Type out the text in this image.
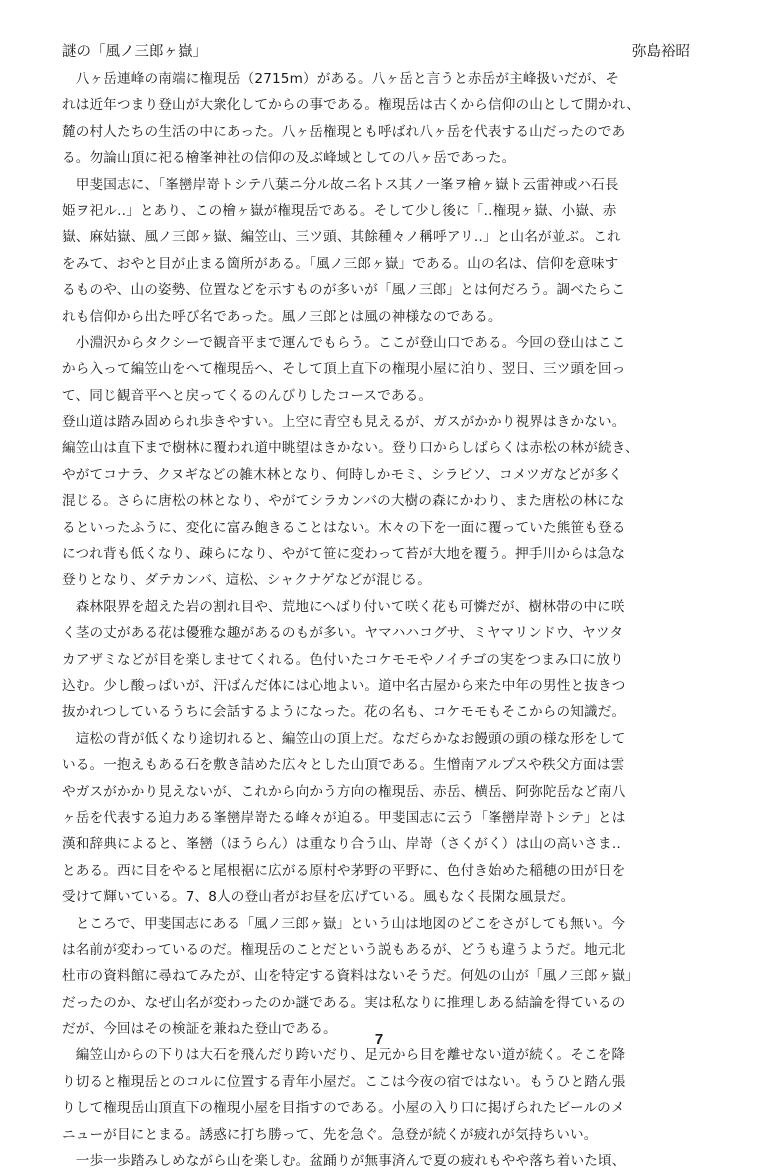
謎の「風ノ三郎ヶ嶽」	弥島裕昭
　八ヶ岳連峰の南端に権現岳（2715m）がある。八ヶ岳と言うと赤岳が主峰扱いだが、そ
れは近年つまり登山が大衆化してからの事である。権現岳は古くから信仰の山として開かれ、
麓の村人たちの生活の中にあった。八ヶ岳権現とも呼ばれ八ヶ岳を代表する山だったのであ
る。勿論山頂に祀る檜峯神社の信仰の及ぶ峰域としての八ヶ岳であった。
　甲斐国志に、「峯巒岸嵜トシテ八葉ニ分ル故ニ名トス其ノ一峯ヲ檜ヶ嶽ト云雷神或ハ石長
姫ヲ祀ル‥」とあり、この檜ヶ嶽が権現岳である。そして少し後に「‥権現ヶ嶽、小嶽、赤
嶽、麻姑嶽、風ノ三郎ヶ嶽、編笠山、三ツ頭、其餘種々ノ稱呼アリ‥」と山名が並ぶ。これ
をみて、おやと目が止まる箇所がある。「風ノ三郎ヶ嶽」である。山の名は、信仰を意味す
るものや、山の姿勢、位置などを示すものが多いが「風ノ三郎」とは何だろう。調べたらこ
れも信仰から出た呼び名であった。風ノ三郎とは風の神様なのである。
　小淵沢からタクシーで観音平まで運んでもらう。ここが登山口である。今回の登山はここ
から入って編笠山をへて権現岳へ、そして頂上直下の権現小屋に泊り、翌日、三ツ頭を回っ
て、同じ観音平へと戻ってくるのんびりしたコースである。
登山道は踏み固められ歩きやすい。上空に青空も見えるが、ガスがかかり視界はきかない。
編笠山は直下まで樹林に覆われ道中眺望はきかない。登り口からしばらくは赤松の林が続き、
やがてコナラ、クヌギなどの雑木林となり、何時しかモミ、シラビソ、コメツガなどが多く
混じる。さらに唐松の林となり、やがてシラカンバの大樹の森にかわり、また唐松の林にな
るといったふうに、変化に富み飽きることはない。木々の下を一面に覆っていた熊笹も登る
につれ背も低くなり、疎らになり、やがて笹に変わって苔が大地を覆う。押手川からは急な
登りとなり、ダテカンバ、這松、シャクナゲなどが混じる。
　森林限界を超えた岩の割れ目や、荒地にへばり付いて咲く花も可憐だが、樹林帯の中に咲
く茎の丈がある花は優雅な趣があるのもが多い。ヤマハハコグサ、ミヤマリンドウ、ヤツタ
カアザミなどが目を楽しませてくれる。色付いたコケモモやノイチゴの実をつまみ口に放り
込む。少し酸っぱいが、汗ばんだ体には心地よい。道中名古屋から来た中年の男性と抜きつ
抜かれつしているうちに会話するようになった。花の名も、コケモモもそこからの知識だ。
　這松の背が低くなり途切れると、編笠山の頂上だ。なだらかなお饅頭の頭の様な形をして
いる。一抱えもある石を敷き詰めた広々とした山頂である。生憎南アルプスや秩父方面は雲
やガスがかかり見えないが、これから向かう方向の権現岳、赤岳、横岳、阿弥陀岳など南八
ヶ岳を代表する迫力ある峯巒岸嵜たる峰々が迫る。甲斐国志に云う「峯巒岸嵜トシテ」とは
漢和辞典によると、峯巒（ほうらん）は重なり合う山、岸嵜（さくがく）は山の高いさま‥
とある。西に目をやると尾根裾に広がる原村や茅野の平野に、色付き始めた稲穂の田が日を
受けて輝いている。7、8人の登山者がお昼を広げている。風もなく長閑な風景だ。
　ところで、甲斐国志にある「風ノ三郎ヶ嶽」という山は地図のどこをさがしても無い。今
は名前が変わっているのだ。権現岳のことだという説もあるが、どうも違うようだ。地元北
杜市の資料館に尋ねてみたが、山を特定する資料はないそうだ。何処の山が「風ノ三郎ヶ嶽」
だったのか、なぜ山名が変わったのか謎である。実は私なりに推理しある結論を得ているの
だが、今回はその検証を兼ねた登山である。
　編笠山からの下りは大石を飛んだり跨いだり、足元から目を離せない道が続く。そこを降
り切ると権現岳とのコルに位置する青年小屋だ。ここは今夜の宿ではない。もうひと踏ん張
りして権現岳山頂直下の権現小屋を目指すのである。小屋の入り口に掲げられたビールのメ
ニューが目にとまる。誘惑に打ち勝って、先を急ぐ。急登が続くが疲れが気持ちいい。
　一歩一歩踏みしめながら山を楽しむ。盆踊りが無事済んで夏の疲れもやや落ち着いた頃、
7
